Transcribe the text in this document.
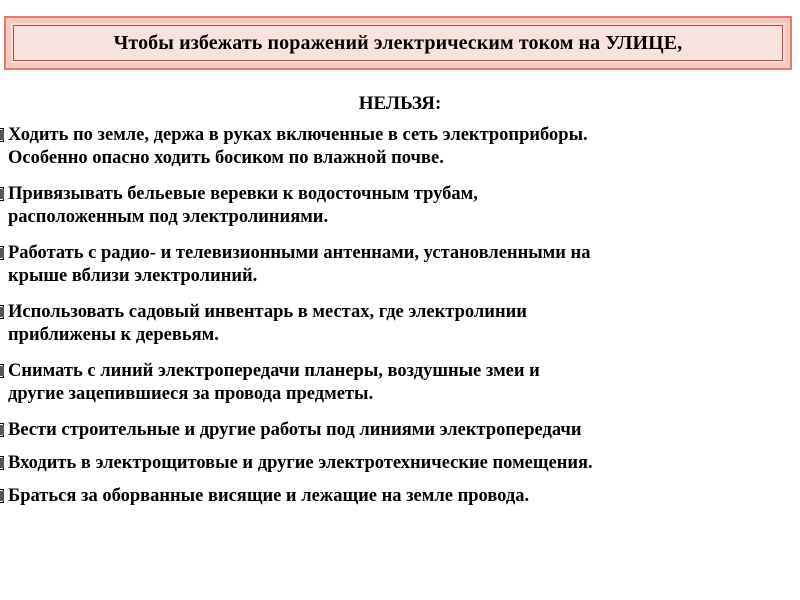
Чтобы избежать поражений электрическим током на УЛИЦЕ,
НЕЛЬЗЯ:
Ходить по земле, держа в руках включенные в сеть электроприборы.
Особенно опасно ходить босиком по влажной почве.
Привязывать бельевые веревки к водосточным трубам,
расположенным под электролиниями.
Работать с радио- и телевизионными антеннами, установленными на
крыше вблизи электролиний.
Использовать садовый инвентарь в местах, где электролинии
приближены к деревьям.
Снимать с линий электропередачи планеры, воздушные змеи и
другие зацепившиеся за провода предметы.
Вести строительные и другие работы под линиями электропередачи
Входить в электрощитовые и другие электротехнические помещения.
Браться за оборванные висящие и лежащие на земле провода.
